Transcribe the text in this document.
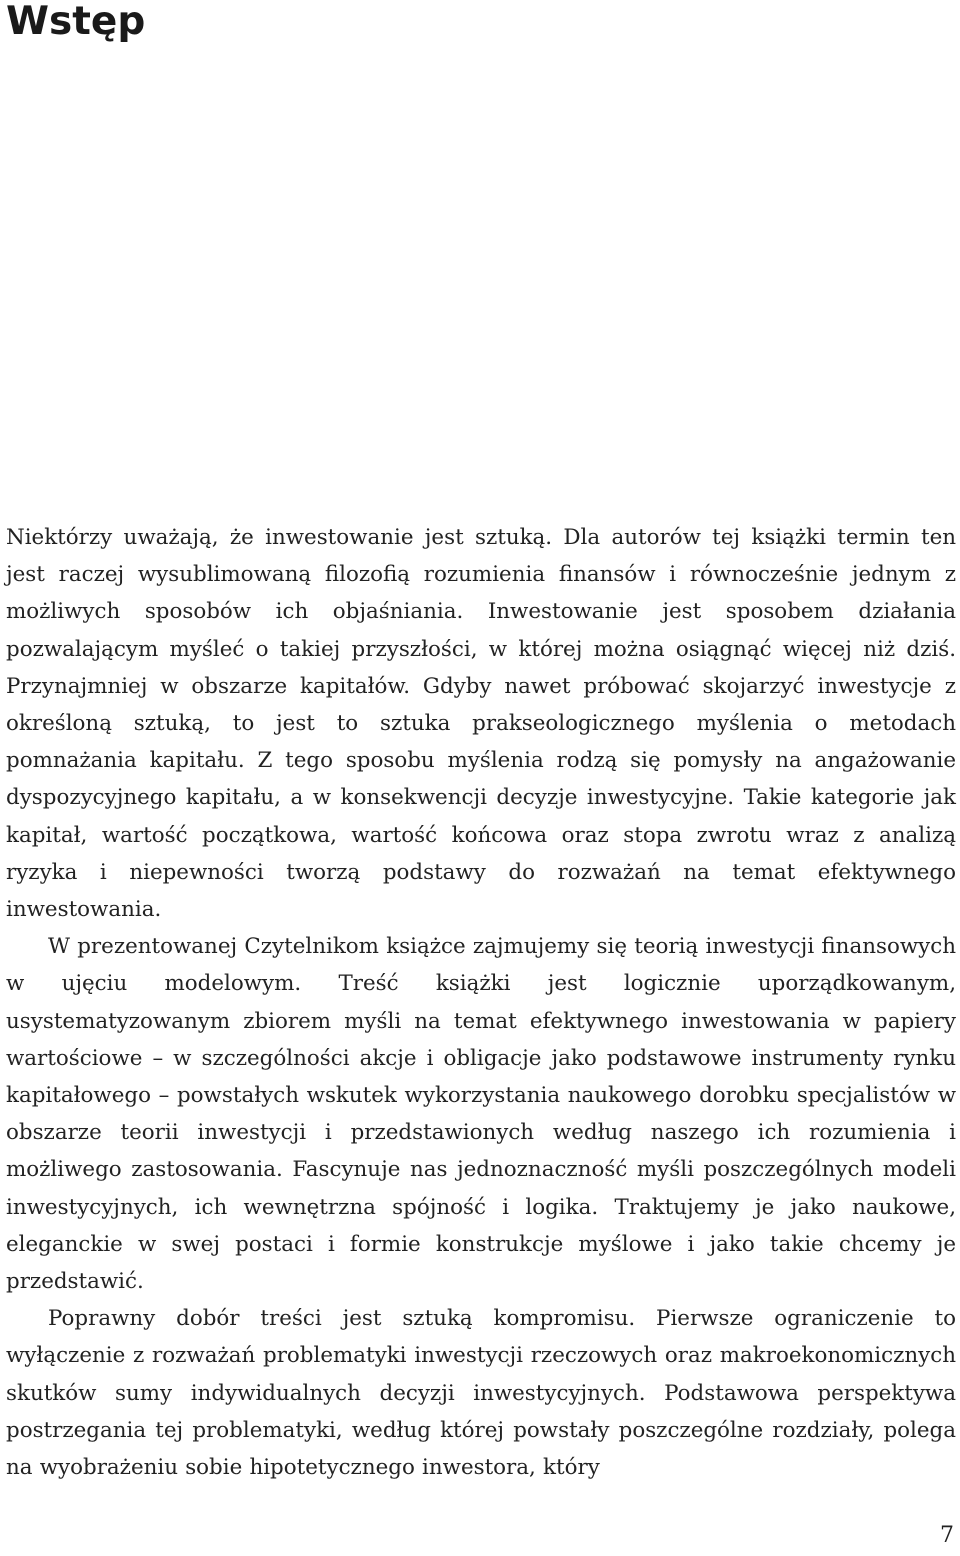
Wstęp

Niektórzy uważają, że inwestowanie jest sztuką. Dla autorów tej książki termin ten jest raczej wysublimowaną filozofią rozumienia finansów i równocześnie jednym z możliwych sposobów ich objaśniania. Inwestowanie jest sposobem działania pozwalającym myśleć o takiej przyszłości, w której można osiągnąć więcej niż dziś. Przynajmniej w obszarze kapitałów. Gdyby nawet próbować skojarzyć inwestycje z określoną sztuką, to jest to sztuka prakseologicznego myślenia o metodach pomnażania kapitału. Z tego sposobu myślenia rodzą się pomysły na angażowanie dyspozycyjnego kapitału, a w konsekwencji decyzje inwestycyjne. Takie kategorie jak kapitał, wartość początkowa, wartość końcowa oraz stopa zwrotu wraz z analizą ryzyka i niepewności tworzą podstawy do rozważań na temat efektywnego inwestowania.

W prezentowanej Czytelnikom książce zajmujemy się teorią inwestycji finansowych w ujęciu modelowym. Treść książki jest logicznie uporządkowanym, usystematyzowanym zbiorem myśli na temat efektywnego inwestowania w papiery wartościowe – w szczególności akcje i obligacje jako podstawowe instrumenty rynku kapitałowego – powstałych wskutek wykorzystania naukowego dorobku specjalistów w obszarze teorii inwestycji i przedstawionych według naszego ich rozumienia i możliwego zastosowania. Fascynuje nas jednoznaczność myśli poszczególnych modeli inwestycyjnych, ich wewnętrzna spójność i logika. Traktujemy je jako naukowe, eleganckie w swej postaci i formie konstrukcje myślowe i jako takie chcemy je przedstawić.

Poprawny dobór treści jest sztuką kompromisu. Pierwsze ograniczenie to wyłączenie z rozważań problematyki inwestycji rzeczowych oraz makroekonomicznych skutków sumy indywidualnych decyzji inwestycyjnych. Podstawowa perspektywa postrzegania tej problematyki, według której powstały poszczególne rozdziały, polega na wyobrażeniu sobie hipotetycznego inwestora, który

7
